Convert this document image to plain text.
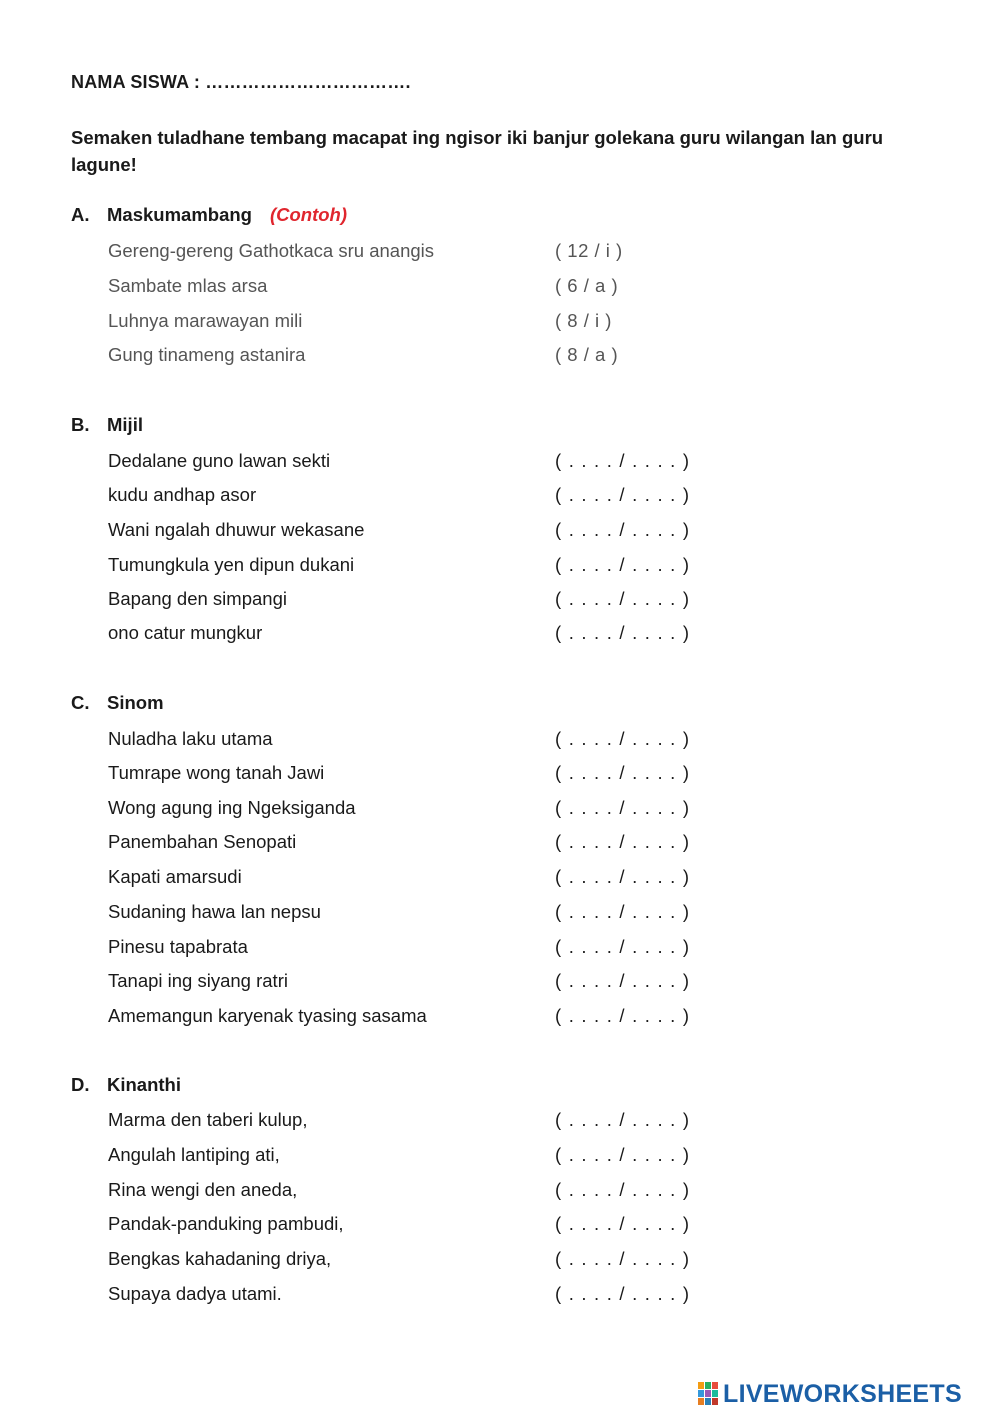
NAMA SISWA : …………………………….
Semaken tuladhane tembang macapat ing ngisor iki banjur golekana guru wilangan lan guru lagune!
A. Maskumambang (Contoh)
Gereng-gereng Gathotkaca sru anangis	( 12 / i )
Sambate mlas arsa	( 6 / a )
Luhnya marawayan mili	( 8 / i )
Gung tinameng astanira	( 8 / a )
B. Mijil
Dedalane guno lawan sekti	( . . . . / . . . . )
kudu andhap asor	( . . . . / . . . . )
Wani ngalah dhuwur wekasane	( . . . . / . . . . )
Tumungkula yen dipun dukani	( . . . . / . . . . )
Bapang den simpangi	( . . . . / . . . . )
ono catur mungkur	( . . . . / . . . . )
C. Sinom
Nuladha laku utama	( . . . . / . . . . )
Tumrape wong tanah Jawi	( . . . . / . . . . )
Wong agung ing Ngeksiganda	( . . . . / . . . . )
Panembahan Senopati	( . . . . / . . . . )
Kapati amarsudi	( . . . . / . . . . )
Sudaning hawa lan nepsu	( . . . . / . . . . )
Pinesu tapabrata	( . . . . / . . . . )
Tanapi ing siyang ratri	( . . . . / . . . . )
Amemangun karyenak tyasing sasama	( . . . . / . . . . )
D. Kinanthi
Marma den taberi kulup,	( . . . . / . . . . )
Angulah lantiping ati,	( . . . . / . . . . )
Rina wengi den aneda,	( . . . . / . . . . )
Pandak-panduking pambudi,	( . . . . / . . . . )
Bengkas kahadaning driya,	( . . . . / . . . . )
Supaya dadya utami.	( . . . . / . . . . )
LIVEWORKSHEETS
